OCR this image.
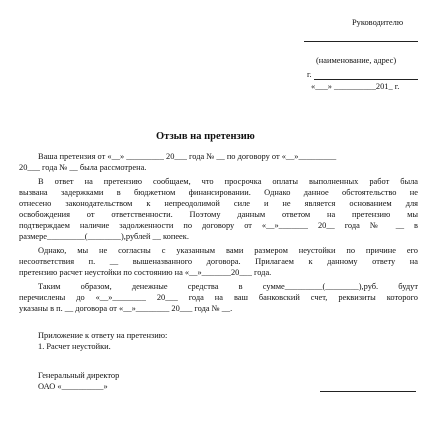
Руководителю
(наименование, адрес)
г.
«___» __________201_ г.
Отзыв на претензию
Ваша претензия от «__» _________ 20___ года № __ по договору от «__»_________
20___ года № __ была рассмотрена.
В ответ на претензию сообщаем, что просрочка оплаты выполненных работ была
вызвана задержками в бюджетном финансировании. Однако данное обстоятельство не
отнесено законодательством к непреодолимой силе и не является основанием для
освобождения от ответственности. Поэтому данным ответом на претензию мы
подтверждаем наличие задолженности по договору от «__»_______ 20__ года № __ в
размере_________(________),рублей __ копеек.
Однако, мы не согласны с указанным вами размером неустойки по причине его
несоответствия п. __ вышеназванного договора. Прилагаем к данному ответу на
претензию расчет неустойки по состоянию на «__»_______20___ года.
Таким образом, денежные средства в сумме_________(________),руб. будут
перечислены до «__»________ 20___ года на ваш банковский счет, реквизиты которого
указаны в п. __ договора от «__»________ 20___ года № __.
Приложение к ответу на претензию:
1. Расчет неустойки.
Генеральный директор
ОАО «__________»
